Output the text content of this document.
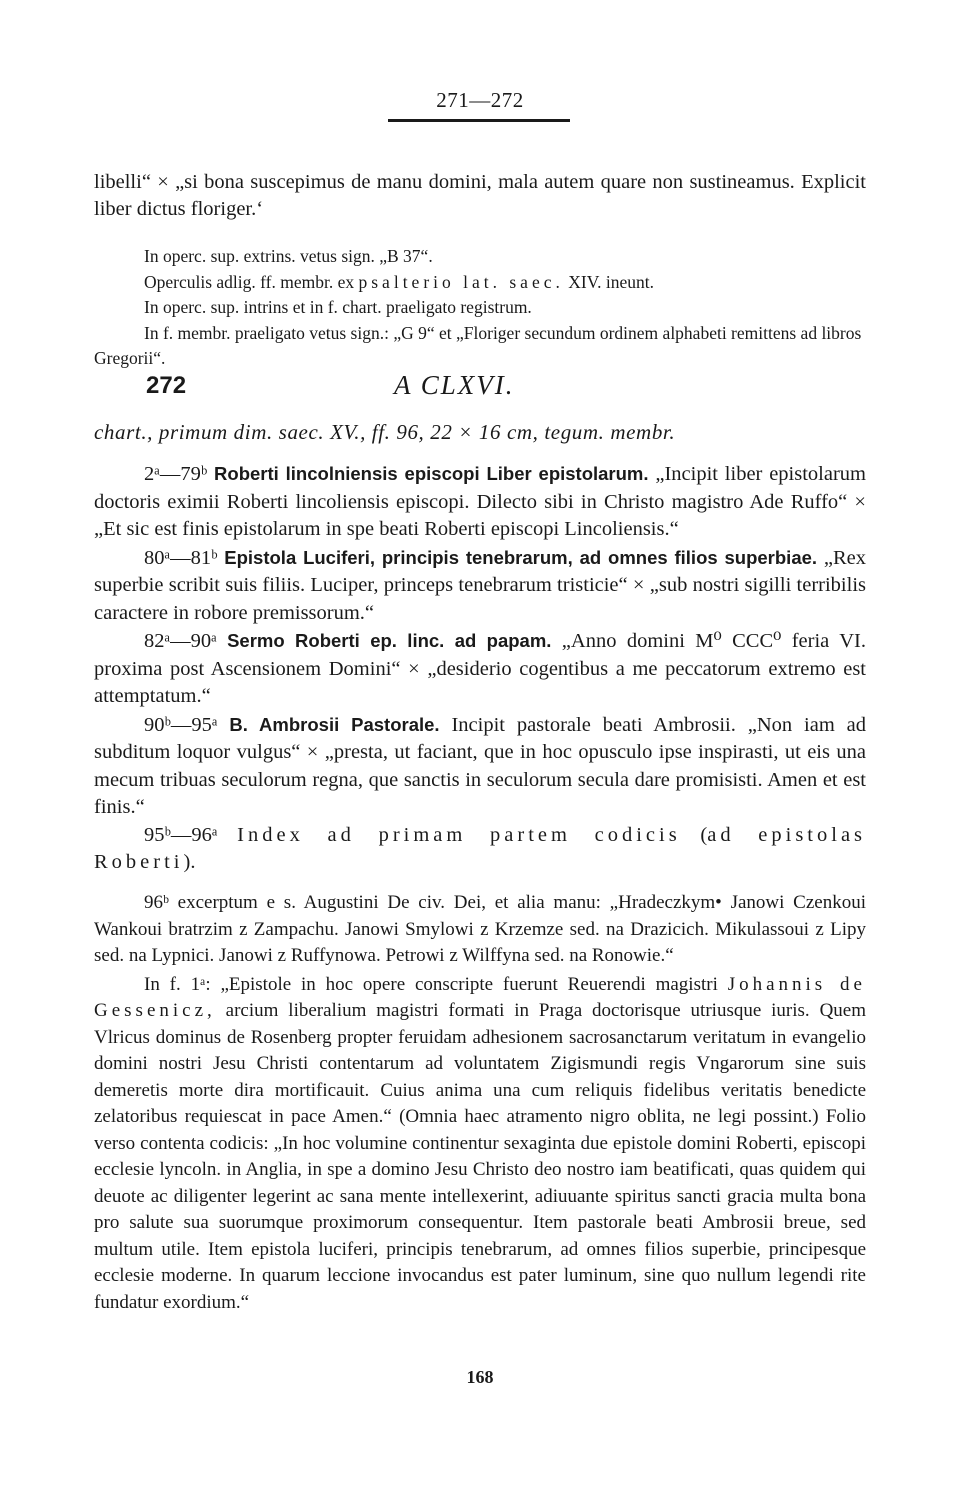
271—272

libelli“ × „si bona suscepimus de manu domini, mala autem quare non sustineamus. Explicit liber dictus floriger.‘

In operc. sup. extrins. vetus sign. „B 37“.

Operculis adlig. ff. membr. ex psalterio lat. saec. XIV. ineunt.

In operc. sup. intrins et in f. chart. praeligato registrum.

In f. membr. praeligato vetus sign.: „G 9“ et „Floriger secundum ordinem alphabeti remittens ad libros Gregorii“.

272	A CLXVI.
chart., primum dim. saec. XV., ff. 96, 22 × 16 cm, tegum. membr.

2ᵃ—79ᵇ Roberti lincolniensis episcopi Liber epistolarum. „Incipit liber epistolarum doctoris eximii Roberti lincoliensis episcopi. Dilecto sibi in Christo magistro Ade Ruffo“ × „Et sic est finis epistolarum in spe beati Roberti episcopi Lincoliensis.“

80ᵃ—81ᵇ Epistola Luciferi, principis tenebrarum, ad omnes filios superbiae. „Rex superbie scribit suis filiis. Luciper, princeps tenebrarum tristicie“ × „sub nostri sigilli terribilis caractere in robore premissorum.“

82ᵃ—90ᵃ Sermo Roberti ep. linc. ad papam. „Anno domini M⁰ CCC⁰ feria VI. proxima post Ascensionem Domini“ × „desiderio cogentibus a me peccatorum extremo est attemptatum.“

90ᵇ—95ᵃ B. Ambrosii Pastorale. Incipit pastorale beati Ambrosii. „Non iam ad subditum loquor vulgus“ × „presta, ut faciant, que in hoc opusculo ipse inspirasti, ut eis una mecum tribuas seculorum regna, que sanctis in seculorum secula dare promisisti. Amen et est finis.“

95ᵇ—96ᵃ Index ad primam partem codicis (ad epistolas Roberti).

96ᵇ excerptum e s. Augustini De civ. Dei, et alia manu: „Hradeczkym• Janowi Czenkoui Wankoui bratrzim z Zampachu. Janowi Smylowi z Krzemze sed. na Drazicich. Mikulassoui z Lipy sed. na Lypnici. Janowi z Ruffynowa. Petrowi z Wilffyna sed. na Ronowie.“

In f. 1ᵃ: „Epistole in hoc opere conscripte fuerunt Reuerendi magistri Johannis de Gessenicz, arcium liberalium magistri formati in Praga doctorisque utriusque iuris. Quem Vlricus dominus de Rosenberg propter feruidam adhesionem sacrosanctarum veritatum in evangelio domini nostri Jesu Christi contentarum ad voluntatem Zigismundi regis Vngarorum sine suis demeretis morte dira mortificauit. Cuius anima una cum reliquis fidelibus veritatis benedicte zelatoribus requiescat in pace Amen.“ (Omnia haec atramento nigro oblita, ne legi possint.) Folio verso contenta codicis: „In hoc volumine continentur sexaginta due epistole domini Roberti, episcopi ecclesie lyncoln. in Anglia, in spe a domino Jesu Christo deo nostro iam beatificati, quas quidem qui deuote ac diligenter legerint ac sana mente intellexerint, adiuuante spiritus sancti gracia multa bona pro salute sua suorumque proximorum consequentur. Item pastorale beati Ambrosii breue, sed multum utile. Item epistola luciferi, principis tenebrarum, ad omnes filios superbie, principesque ecclesie moderne. In quarum leccione invocandus est pater luminum, sine quo nullum legendi rite fundatur exordium.“

168
